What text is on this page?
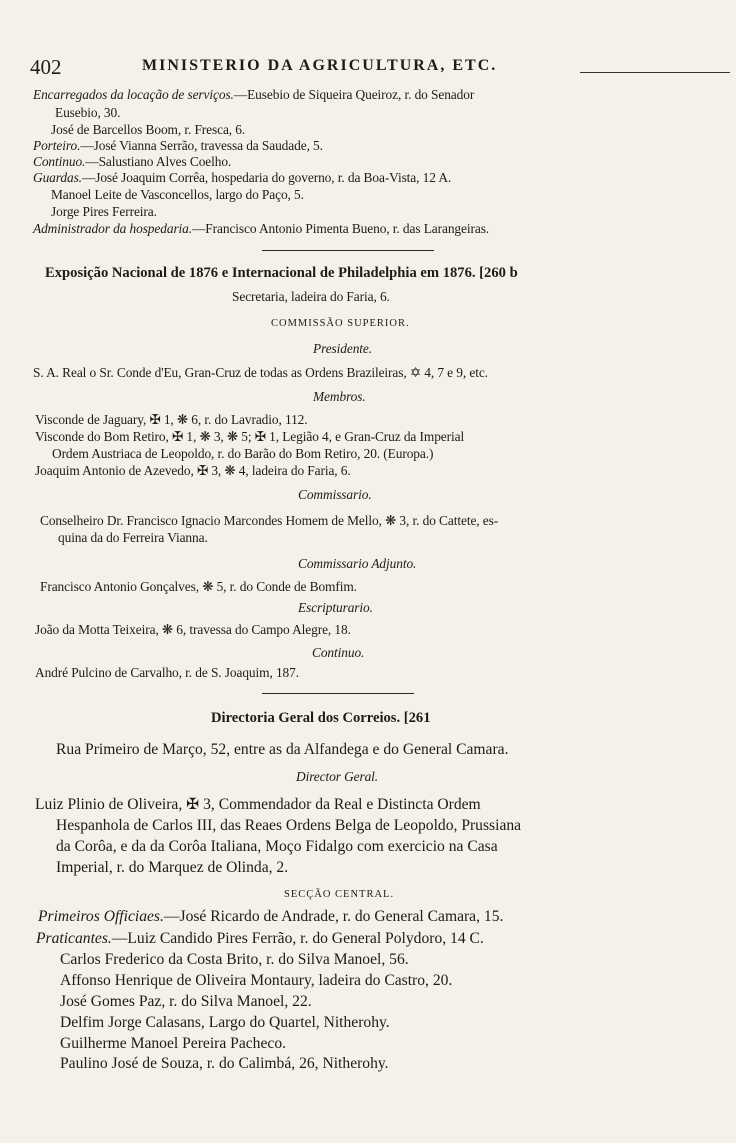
402	MINISTERIO DA AGRICULTURA, ETC.
Encarregados da locação de serviços.—Eusebio de Siqueira Queiroz, r. do Senador
Eusebio, 30.
José de Barcellos Boom, r. Fresca, 6.
Porteiro.—José Vianna Serrão, travessa da Saudade, 5.
Continuo.—Salustiano Alves Coelho.
Guardas.—José Joaquim Corrêa, hospedaria do governo, r. da Boa-Vista, 12 A.
Manoel Leite de Vasconcellos, largo do Paço, 5.
Jorge Pires Ferreira.
Administrador da hospedaria.—Francisco Antonio Pimenta Bueno, r. das Larangeiras.
Exposição Nacional de 1876 e Internacional de Philadelphia em 1876. [260 b
Secretaria, ladeira do Faria, 6.
COMMISSÃO SUPERIOR.
Presidente.
S. A. Real o Sr. Conde d'Eu, Gran-Cruz de todas as Ordens Brazileiras, ✡ 4, 7 e 9, etc.
Membros.
Visconde de Jaguary, ✠ 1, ❋ 6, r. do Lavradio, 112.
Visconde do Bom Retiro, ✠ 1, ❋ 3, ❋ 5; ✠ 1, Legião 4, e Gran-Cruz da Imperial
Ordem Austriaca de Leopoldo, r. do Barão do Bom Retiro, 20. (Europa.)
Joaquim Antonio de Azevedo, ✠ 3, ❋ 4, ladeira do Faria, 6.
Commissario.
Conselheiro Dr. Francisco Ignacio Marcondes Homem de Mello, ❋ 3, r. do Cattete, es-
quina da do Ferreira Vianna.
Commissario Adjunto.
Francisco Antonio Gonçalves, ❋ 5, r. do Conde de Bomfim.
Escripturario.
João da Motta Teixeira, ❋ 6, travessa do Campo Alegre, 18.
Continuo.
André Pulcino de Carvalho, r. de S. Joaquim, 187.
Directoria Geral dos Correios. [261
Rua Primeiro de Março, 52, entre as da Alfandega e do General Camara.
Director Geral.
Luiz Plinio de Oliveira, ✠ 3, Commendador da Real e Distincta Ordem
Hespanhola de Carlos III, das Reaes Ordens Belga de Leopoldo, Prussiana
da Corôa, e da da Corôa Italiana, Moço Fidalgo com exercicio na Casa
Imperial, r. do Marquez de Olinda, 2.
SECÇÃO CENTRAL.
Primeiros Officiaes.—José Ricardo de Andrade, r. do General Camara, 15.
Praticantes.—Luiz Candido Pires Ferrão, r. do General Polydoro, 14 C.
Carlos Frederico da Costa Brito, r. do Silva Manoel, 56.
Affonso Henrique de Oliveira Montaury, ladeira do Castro, 20.
José Gomes Paz, r. do Silva Manoel, 22.
Delfim Jorge Calasans, Largo do Quartel, Nitherohy.
Guilherme Manoel Pereira Pacheco.
Paulino José de Souza, r. do Calimbá, 26, Nitherohy.
